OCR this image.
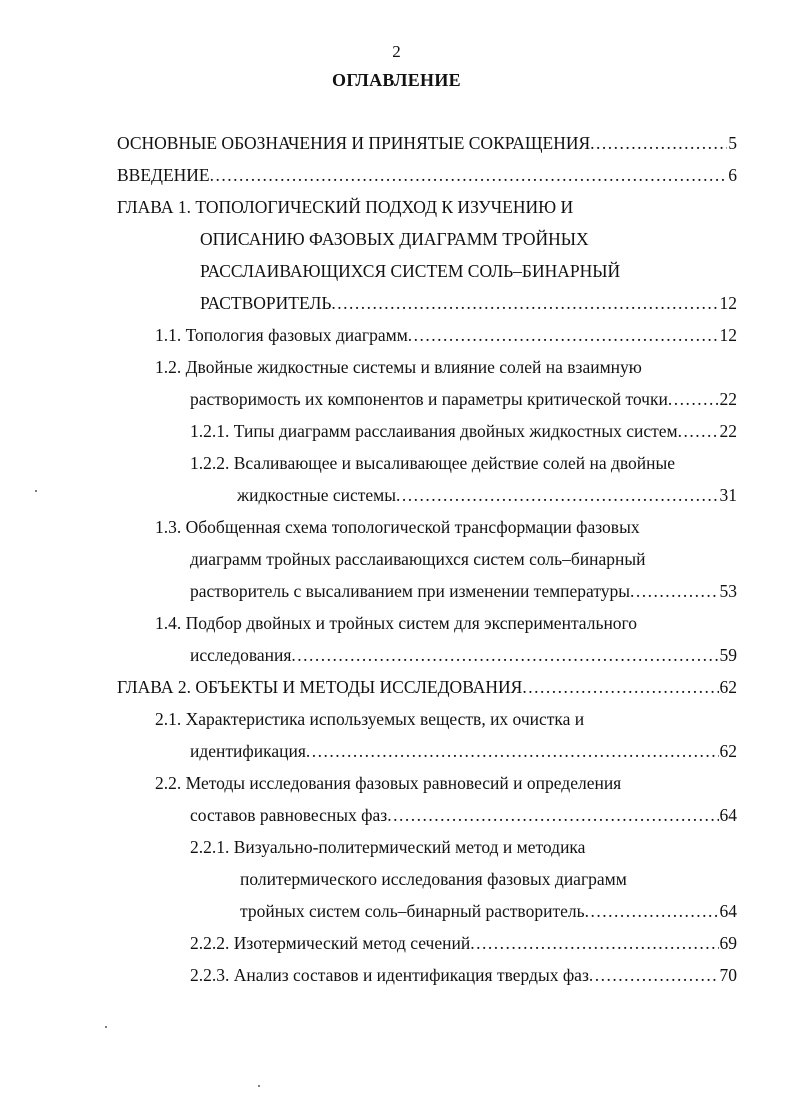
2
ОГЛАВЛЕНИЕ
ОСНОВНЫЕ ОБОЗНАЧЕНИЯ И ПРИНЯТЫЕ СОКРАЩЕНИЯ .....	5
ВВЕДЕНИЕ .....	6
ГЛАВА 1. ТОПОЛОГИЧЕСКИЙ ПОДХОД К ИЗУЧЕНИЮ И
ОПИСАНИЮ ФАЗОВЫХ ДИАГРАММ ТРОЙНЫХ
РАССЛАИВАЮЩИХСЯ СИСТЕМ СОЛЬ–БИНАРНЫЙ
РАСТВОРИТЕЛЬ .....	12
1.1. Топология фазовых диаграмм .....	12
1.2. Двойные жидкостные системы и влияние солей на взаимную
растворимость их компонентов и параметры критической точки .....	22
1.2.1. Типы диаграмм расслаивания двойных жидкостных систем ..... 22
1.2.2. Всаливающее и высаливающее действие солей на двойные
жидкостные системы .....	31
1.3. Обобщенная схема топологической трансформации фазовых
диаграмм тройных расслаивающихся систем соль–бинарный
растворитель с высаливанием при изменении температуры .....	53
1.4. Подбор двойных и тройных систем для экспериментального
исследования .....	59
ГЛАВА 2. ОБЪЕКТЫ И МЕТОДЫ ИССЛЕДОВАНИЯ .....	62
2.1. Характеристика используемых веществ, их очистка и
идентификация .....	62
2.2. Методы исследования фазовых равновесий и определения
составов равновесных фаз .....	64
2.2.1. Визуально-политермический метод и методика
политермического исследования фазовых диаграмм
тройных систем соль–бинарный растворитель .....	64
2.2.2. Изотермический метод сечений .....	69
2.2.3. Анализ составов и идентификация твердых фаз .....	70
